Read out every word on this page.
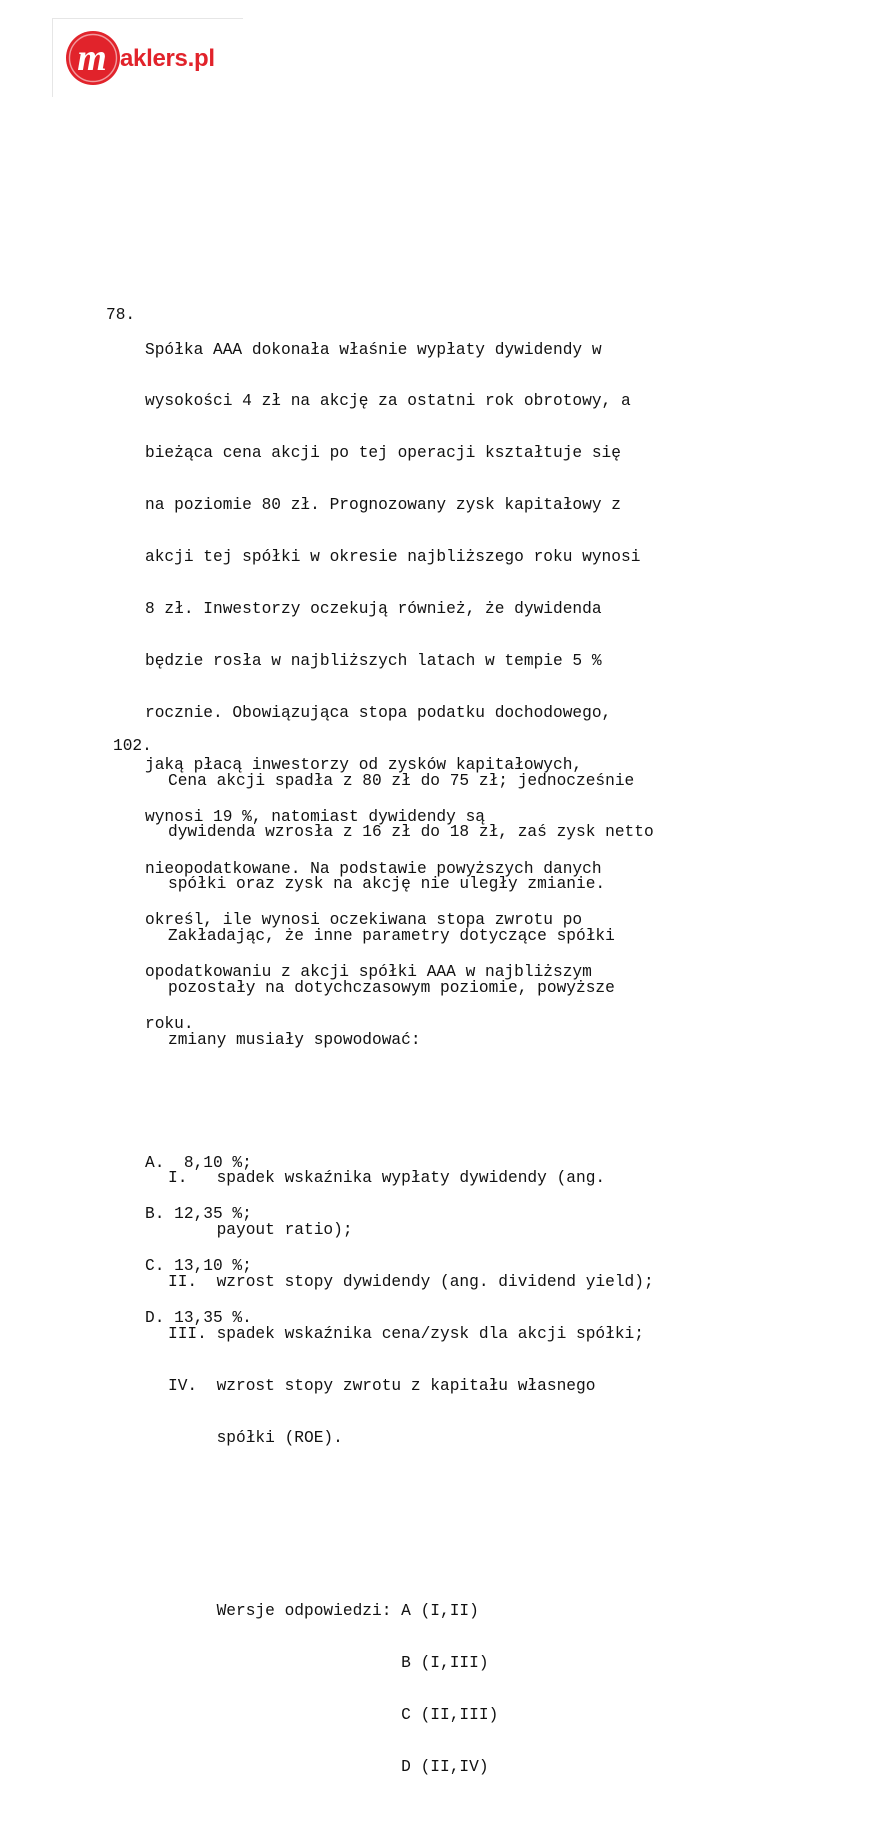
m aklers.pl

78.

Spółka AAA dokonała właśnie wypłaty dywidendy w

wysokości 4 zł na akcję za ostatni rok obrotowy, a

bieżąca cena akcji po tej operacji kształtuje się

na poziomie 80 zł. Prognozowany zysk kapitałowy z

akcji tej spółki w okresie najbliższego roku wynosi

8 zł. Inwestorzy oczekują również, że dywidenda

będzie rosła w najbliższych latach w tempie 5 %

rocznie. Obowiązująca stopa podatku dochodowego,

jaką płacą inwestorzy od zysków kapitałowych,

wynosi 19 %, natomiast dywidendy są

nieopodatkowane. Na podstawie powyższych danych

określ, ile wynosi oczekiwana stopa zwrotu po

opodatkowaniu z akcji spółki AAA w najbliższym

roku.

A.  8,10 %;

B. 12,35 %;

C. 13,10 %;

D. 13,35 %.

102.

Cena akcji spadła z 80 zł do 75 zł; jednocześnie

dywidenda wzrosła z 16 zł do 18 zł, zaś zysk netto

spółki oraz zysk na akcję nie uległy zmianie.

Zakładając, że inne parametry dotyczące spółki

pozostały na dotychczasowym poziomie, powyższe

zmiany musiały spowodować:

I.   spadek wskaźnika wypłaty dywidendy (ang.

payout ratio);

II.  wzrost stopy dywidendy (ang. dividend yield);

III. spadek wskaźnika cena/zysk dla akcji spółki;

IV.  wzrost stopy zwrotu z kapitału własnego

spółki (ROE).

Wersje odpowiedzi: A (I,II)

B (I,III)

C (II,III)

D (II,IV)
